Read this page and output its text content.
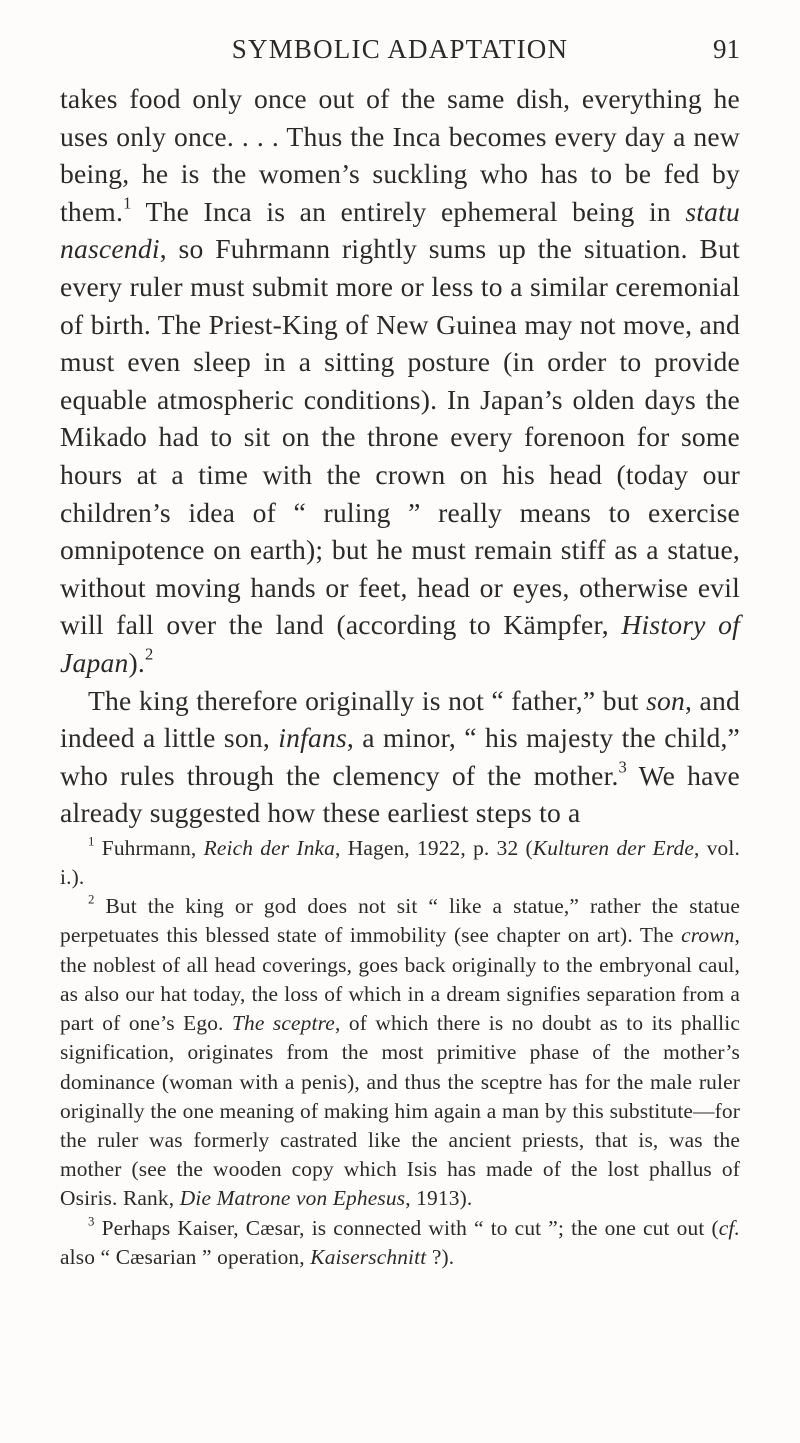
SYMBOLIC ADAPTATION	91

takes food only once out of the same dish, everything he uses only once. . . . Thus the Inca becomes every day a new being, he is the women’s suckling who has to be fed by them.$^1$ The Inca is an entirely ephemeral being in statu nascendi, so Fuhrmann rightly sums up the situation. But every ruler must submit more or less to a similar ceremonial of birth. The Priest-King of New Guinea may not move, and must even sleep in a sitting posture (in order to provide equable atmospheric conditions). In Japan’s olden days the Mikado had to sit on the throne every forenoon for some hours at a time with the crown on his head (today our children’s idea of “ ruling ” really means to exercise omnipotence on earth); but he must remain stiff as a statue, without moving hands or feet, head or eyes, otherwise evil will fall over the land (according to Kämpfer, History of Japan).$^2$
The king therefore originally is not “ father,” but son, and indeed a little son, infans, a minor, “ his majesty the child,” who rules through the clemency of the mother.$^3$ We have already suggested how these earliest steps to a

$^1$ Fuhrmann, Reich der Inka, Hagen, 1922, p. 32 (Kulturen der Erde, vol. i.).

$^2$ But the king or god does not sit “ like a statue,” rather the statue perpetuates this blessed state of immobility (see chapter on art). The crown, the noblest of all head coverings, goes back originally to the embryonal caul, as also our hat today, the loss of which in a dream signifies separation from a part of one’s Ego. The sceptre, of which there is no doubt as to its phallic signification, originates from the most primitive phase of the mother’s dominance (woman with a penis), and thus the sceptre has for the male ruler originally the one meaning of making him again a man by this substitute—for the ruler was formerly castrated like the ancient priests, that is, was the mother (see the wooden copy which Isis has made of the lost phallus of Osiris. Rank, Die Matrone von Ephesus, 1913).

$^3$ Perhaps Kaiser, Cæsar, is connected with “ to cut ”; the one cut out (cf. also “ Cæsarian ” operation, Kaiserschnitt ?).
